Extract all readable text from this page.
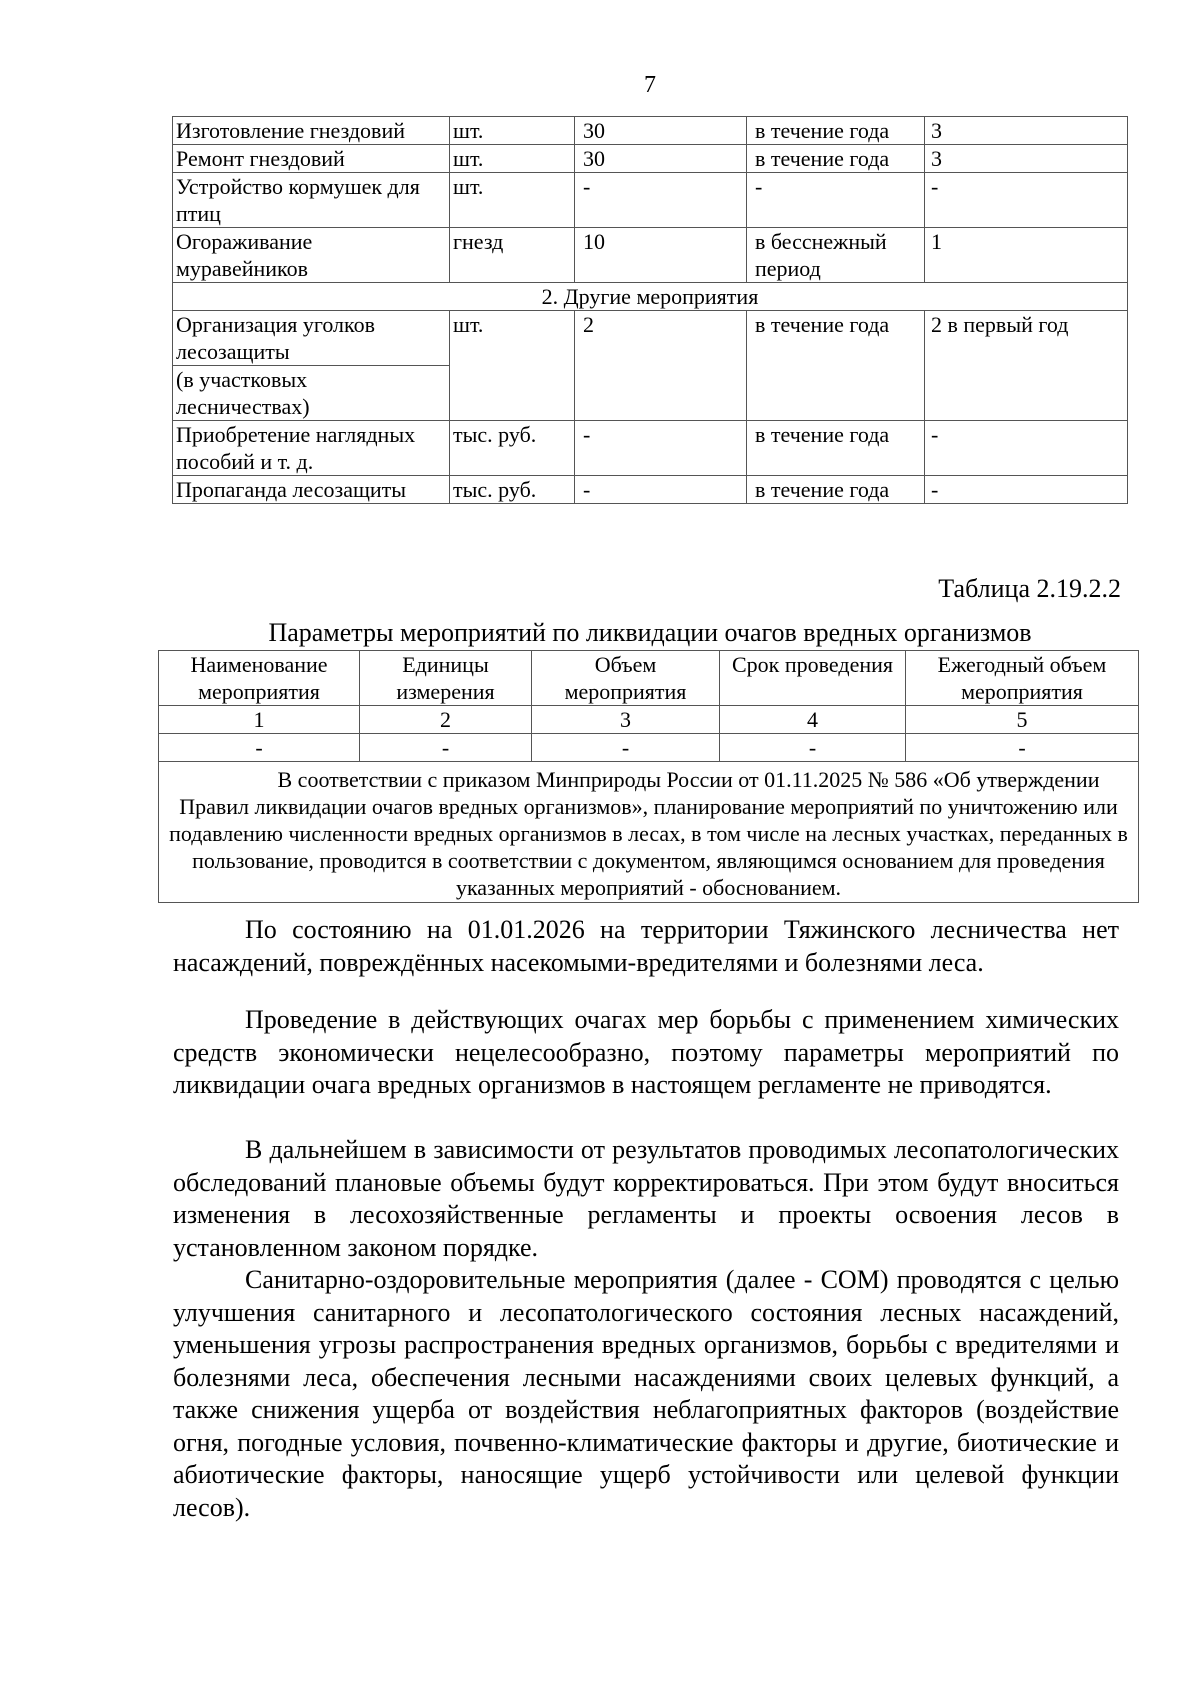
7
Изготовление гнездовий	шт.	30	в течение года	3
Ремонт гнездовий	шт.	30	в течение года	3
Устройство кормушек для птиц	шт.	-	-	-
Огораживание муравейников	гнезд	10	в бесснежный период	1
2. Другие мероприятия				
Организация уголков лесозащиты	шт.	2	в течение года	2 в первый год
(в участковых лесничествах)				
Приобретение наглядных пособий и т. д.	тыс. руб.	-	в течение года	-
Пропаганда лесозащиты	тыс. руб.	-	в течение года	-
Таблица 2.19.2.2
Параметры мероприятий по ликвидации очагов вредных организмов
Наименование мероприятия	Единицы измерения	Объем мероприятия	Срок проведения	Ежегодный объем мероприятия
1	2	3	4	5
-	-	-	-	-
В соответствии с приказом Минприроды России от 01.11.2025 № 586 «Об утверждении Правил ликвидации очагов вредных организмов», планирование мероприятий по уничтожению или подавлению численности вредных организмов в лесах, в том числе на лесных участках, переданных в пользование, проводится в соответствии с документом, являющимся основанием для проведения указанных мероприятий - обоснованием.				
По состоянию на 01.01.2026 на территории Тяжинского лесничества нет насаждений, повреждённых насекомыми-вредителями и болезнями леса.
Проведение в действующих очагах мер борьбы с применением химических средств экономически нецелесообразно, поэтому параметры мероприятий по ликвидации очага вредных организмов в настоящем регламенте не приводятся.
В дальнейшем в зависимости от результатов проводимых лесопатологических обследований плановые объемы будут корректироваться. При этом будут вноситься изменения в лесохозяйственные регламенты и проекты освоения лесов в установленном законом порядке.
Санитарно-оздоровительные мероприятия (далее - СОМ) проводятся с целью улучшения санитарного и лесопатологического состояния лесных насаждений, уменьшения угрозы распространения вредных организмов, борьбы с вредителями и болезнями леса, обеспечения лесными насаждениями своих целевых функций, а также снижения ущерба от воздействия неблагоприятных факторов (воздействие огня, погодные условия, почвенно-климатические факторы и другие, биотические и абиотические факторы, наносящие ущерб устойчивости или целевой функции лесов).
